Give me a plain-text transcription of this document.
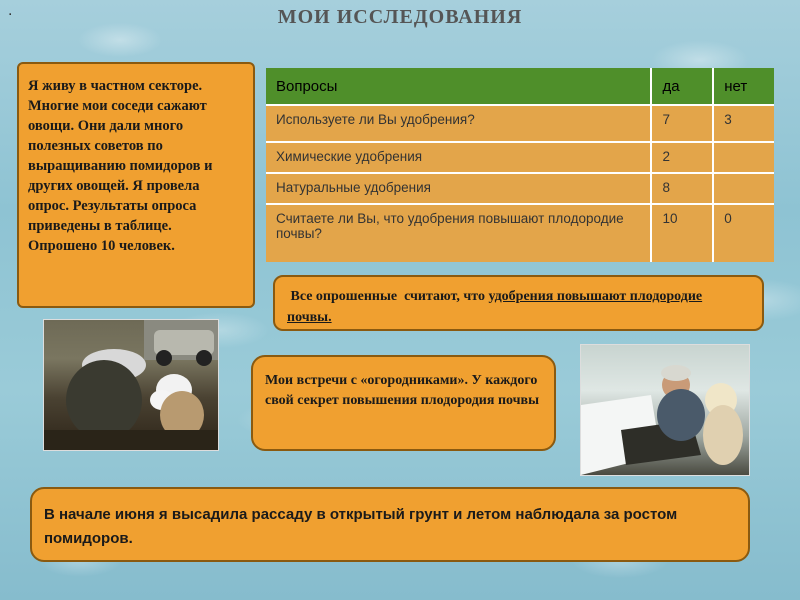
.	МОИ ИССЛЕДОВАНИЯ
Я живу в частном секторе. Многие мои соседи сажают овощи. Они дали много полезных советов по выращиванию помидоров и других овощей. Я провела опрос. Результаты опроса приведены в таблице. Опрошено 10 человек.
Вопросы	да	нет
Используете ли Вы удобрения?	7	3
Химические удобрения	2	
Натуральные удобрения	8	
Считаете ли Вы, что удобрения повышают плодородие почвы?	10	0
Все опрошенные  считают, что удобрения повышают плодородие почвы.
Мои встречи с «огородниками». У каждого свой секрет повышения плодородия почвы
В начале июня я высадила рассаду в открытый грунт и летом наблюдала за ростом помидоров.
